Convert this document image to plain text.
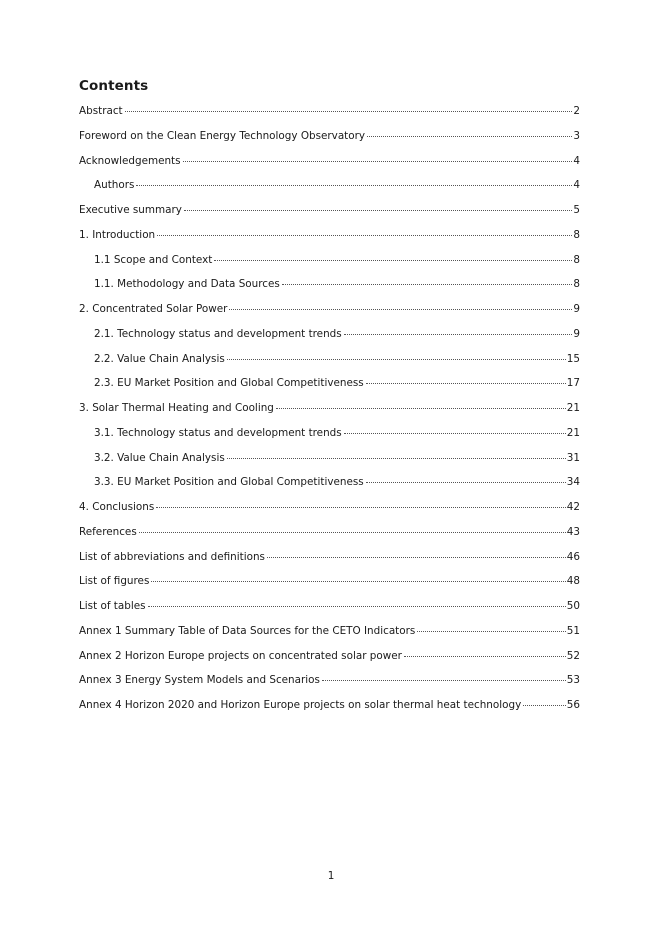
Contents
Abstract	2
Foreword on the Clean Energy Technology Observatory	3
Acknowledgements	4
Authors	4
Executive summary	5
1. Introduction	8
1.1 Scope and Context	8
1.1. Methodology and Data Sources	8
2. Concentrated Solar Power	9
2.1. Technology status and development trends	9
2.2. Value Chain Analysis	15
2.3. EU Market Position and Global Competitiveness	17
3. Solar Thermal Heating and Cooling	21
3.1. Technology status and development trends	21
3.2. Value Chain Analysis	31
3.3. EU Market Position and Global Competitiveness	34
4. Conclusions	42
References	43
List of abbreviations and definitions	46
List of figures	48
List of tables	50
Annex 1 Summary Table of Data Sources for the CETO Indicators	51
Annex 2 Horizon Europe projects on concentrated solar power	52
Annex 3 Energy System Models and Scenarios	53
Annex 4 Horizon 2020 and Horizon Europe projects on solar thermal heat technology	56
1
